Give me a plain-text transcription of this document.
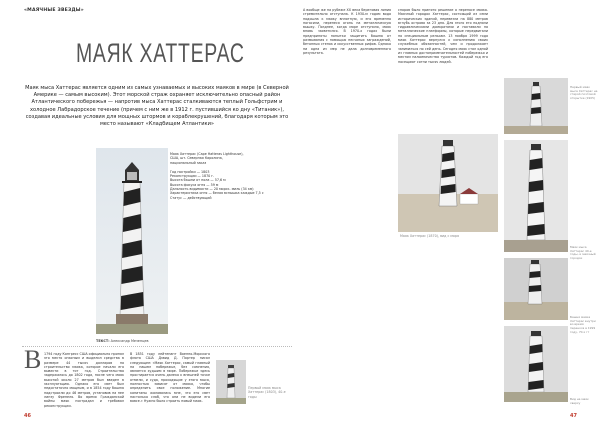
«МАЯЧНЫЕ ЗВЕЗДЫ»
МАЯК ХАТТЕРАС
Маяк мыса Хаттерас является одним из самых узнаваемых и высоких маяков в мире (в Северной Америке — самым высоким). Этот морской страж охраняет исключительно опасный район Атлантического побережья — напротив мыса Хаттерас сталкиваются теплый Гольфстрим и холодное Лабрадорское течение (причем с ним же в 1912 г. пустившийся ко дну «Титаник»), создавая идеальные условия для мощных штормов и кораблекрушений, благодаря которым это место называют «Кладбищем Атлантики»
Маяк Хаттерас (Cape Hatteras Lighthouse),
США, шт. Северная Каролина,
национальный заказ
Год постройки — 1803
Реконструкции — 1870 г.
Высота башни от пола — 57,6 м
Высота фокуса огня — 59 м
Дальность видимости — 20 морск. миль (34 км)
Характеристика огня — белая вспышка каждые 7,5 с
Статус — действующий
ТЕКСТ: Александр Мезенцев
В 1794 году Конгресс США официально принял это место опасным и выделил средства в размере 44 тысяч долларов на строительство маяка, которое начали его вывести в тот год. Строительство задержалось до 1802 года, после чего маяк высотой около 27 метров был введен в эксплуатацию. Однако его свет был недостаточно мощным, и в 1854 году башню надстроили до 46 метров, установив на нее линзу Френеля. Во время Гражданской войны маяк пострадал и требовал реконструкции.
В 1851 году лейтенант Военно-Морского флота США Дэвид Д. Портер писал следующее: «Маяк Хаттерас, самый главный на нашем побережье, без сомнения, является худшим в мире. Побережье здесь простирается очень далеко к внешней точке отмели, и суда, проходящие у этого мыса, полностью зависят от маяка, чтобы определить свое положение. Многие капитаны жаловались мне, что его свет настолько слаб, что они не видели его вовсе.» Нужно было строить новый маяк.
Первый маяк мыса Хаттерас (1803), 40-е годы
46
А вообще же на рубеже XX века береговая линия стремительно отступала. К 1930-м годам вода подошла к маяку вплотную, и его временно погасили, перенеся огонь на металлическую вышку. Позднее, когда море отступило, маяк вновь засветился. В 1970-х годах были предприняты попытки защитить башню от размывания с помощью песчаных заграждений, бетонных стенок и искусственных рифов. Однако ни одна из мер не дала долговременного результата.
споров было принято решение о переносе маяка. Маячный городок Хаттерас, состоящий из семи исторических зданий, перевезли на 880 метров вглубь острова за 23 дня. Для этого его подняли гидравлическими домкратами и поставили на металлические платформы, которые передвигали по специальным рельсам. 13 ноября 1999 года маяк Хаттерас вернулся к исполнению своих служебных обязанностей, чем и продолжает заниматься по сей день. Сегодня маяк стал одной из главных достопримечательностей побережья и местом паломничества туристов. Каждый год его посещают сотни тысяч людей.
Маяк Хаттерас (1870), вид с моря
Первый маяк мыса Хаттерас на старой почтовой открытке (1905)
Маяк мыса Хаттерас 40-е годы, и маячный городок
Башня маяка Хаттерас внутри во время переноса в 1999 году, 70-х гг
Вид на маяк сверху
47
